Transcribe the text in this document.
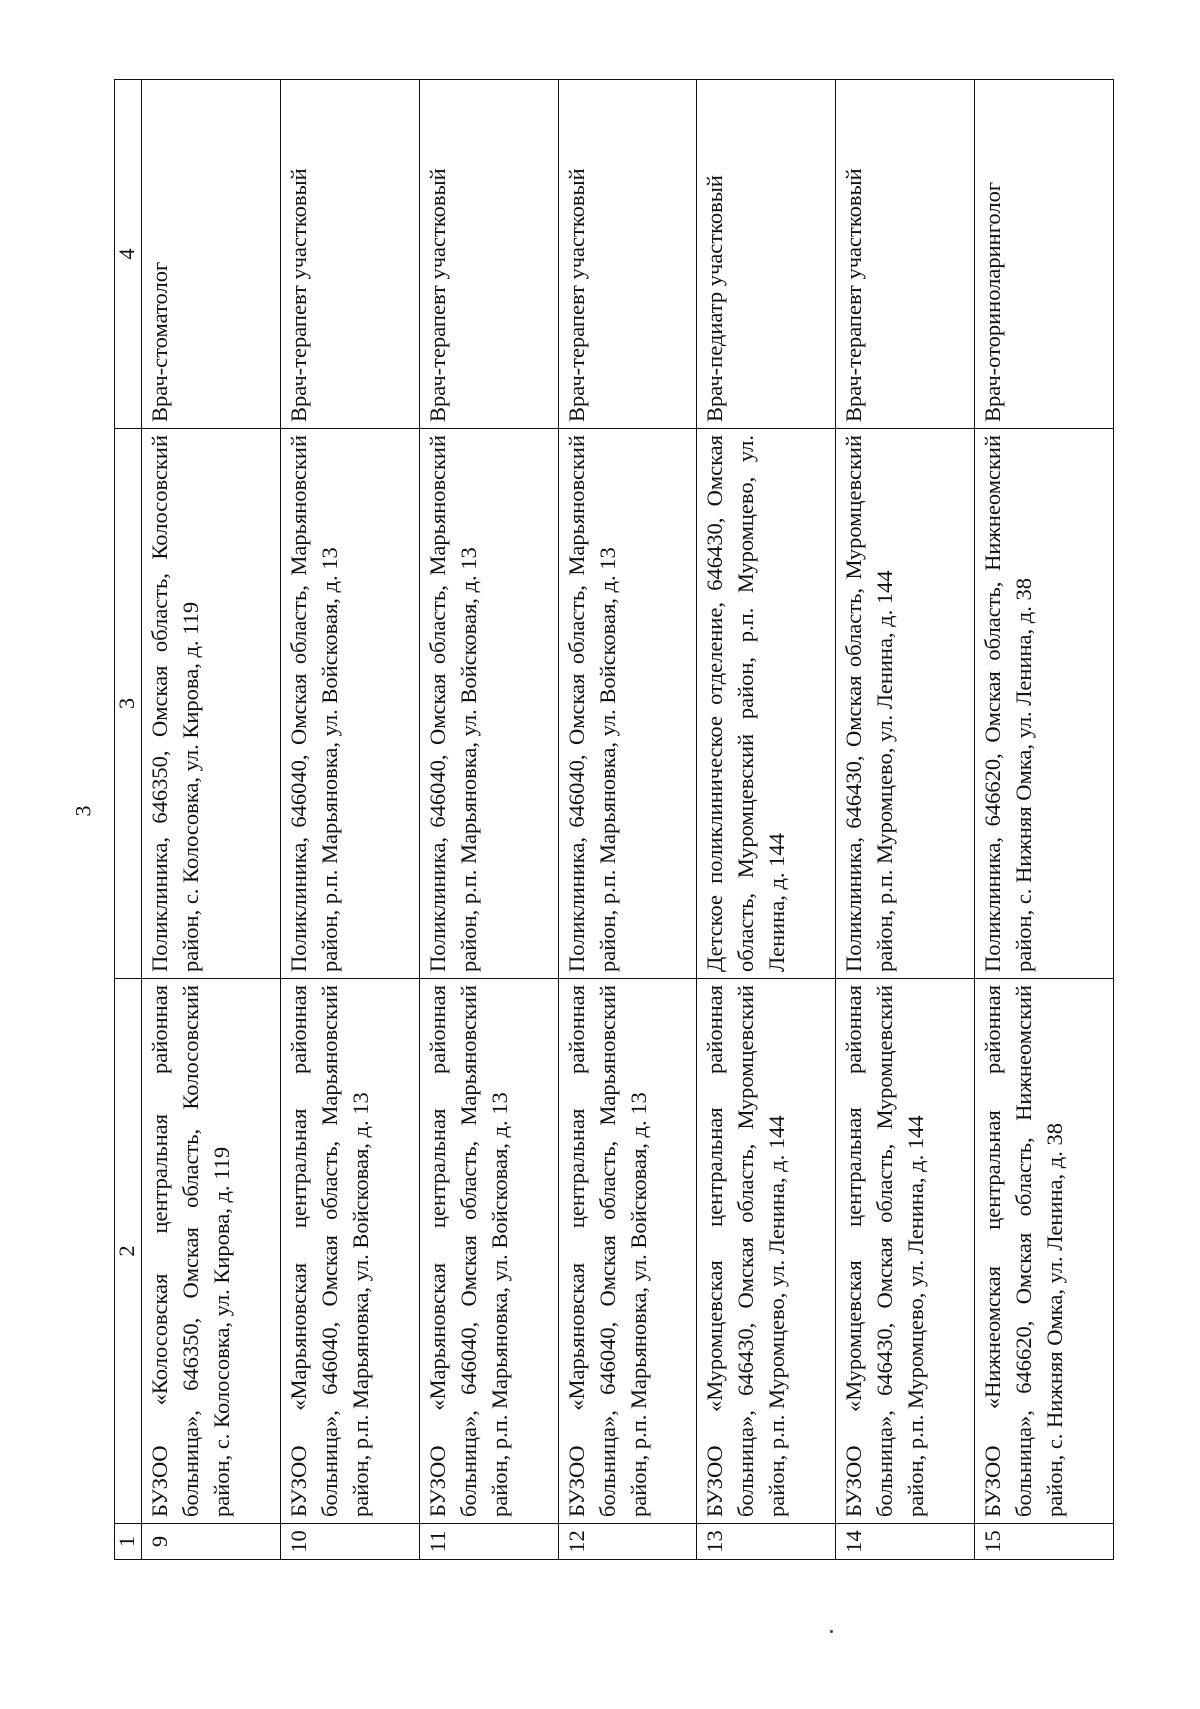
3
1	2	3	4
9	БУЗОО «Колосовская центральная районная больница», 646350, Омская область, Колосовский район, с. Колосовка, ул. Кирова, д. 119	Поликлиника, 646350, Омская область, Колосовский район, с. Колосовка, ул. Кирова, д. 119	Врач-стоматолог
10	БУЗОО «Марьяновская центральная районная больница», 646040, Омская область, Марьяновский район, р.п. Марьяновка, ул. Войсковая, д. 13	Поликлиника, 646040, Омская область, Марьяновский район, р.п. Марьяновка, ул. Войсковая, д. 13	Врач-терапевт участковый
11	БУЗОО «Марьяновская центральная районная больница», 646040, Омская область, Марьяновский район, р.п. Марьяновка, ул. Войсковая, д. 13	Поликлиника, 646040, Омская область, Марьяновский район, р.п. Марьяновка, ул. Войсковая, д. 13	Врач-терапевт участковый
12	БУЗОО «Марьяновская центральная районная больница», 646040, Омская область, Марьяновский район, р.п. Марьяновка, ул. Войсковая, д. 13	Поликлиника, 646040, Омская область, Марьяновский район, р.п. Марьяновка, ул. Войсковая, д. 13	Врач-терапевт участковый
13	БУЗОО «Муромцевская центральная районная больница», 646430, Омская область, Муромцевский район, р.п. Муромцево, ул. Ленина, д. 144	Детское поликлиническое отделение, 646430, Омская область, Муромцевский район, р.п. Муромцево, ул. Ленина, д. 144	Врач-педиатр участковый
14	БУЗОО «Муромцевская центральная районная больница», 646430, Омская область, Муромцевский район, р.п. Муромцево, ул. Ленина, д. 144	Поликлиника, 646430, Омская область, Муромцевский район, р.п. Муромцево, ул. Ленина, д. 144	Врач-терапевт участковый
15	БУЗОО «Нижнеомская центральная районная больница», 646620, Омская область, Нижнеомский район, с. Нижняя Омка, ул. Ленина, д. 38	Поликлиника, 646620, Омская область, Нижнеомский район, с. Нижняя Омка, ул. Ленина, д. 38	Врач-оториноларинголог
